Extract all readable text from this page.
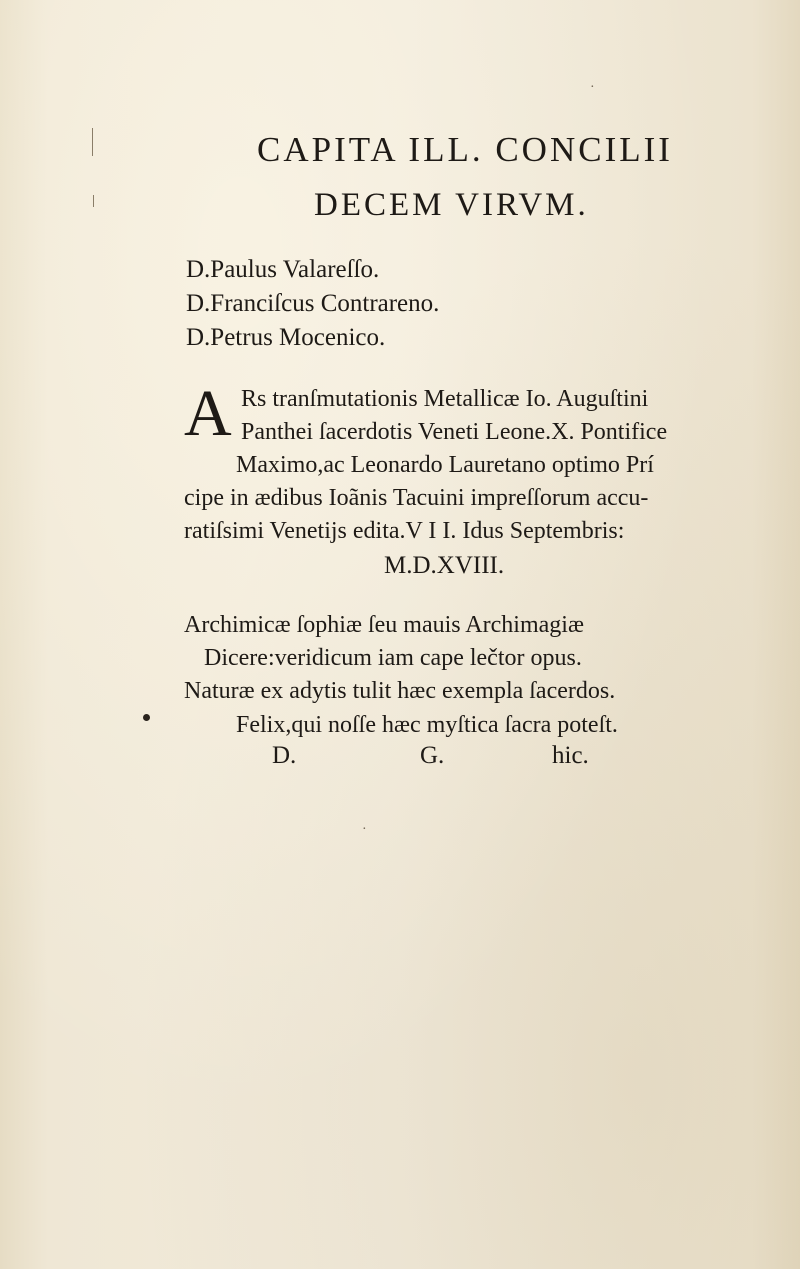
·
CAPITA ILL. CONCILII
DECEM VIRVM.

D.Paulus Valareſſo.

D.Franciſcus Contrareno.

D.Petrus Mocenico.

A Rs tranſmutationis Metallicæ Io. Auguſtini

Panthei ſacerdotis Veneti Leone.X. Pontifice

Maximo,ac Leonardo Lauretano optimo Prí

cipe in ædibus Ioãnis Tacuini impreſſorum accu-

ratiſsimi Venetijs edita.V I I. Idus Septembris:

M.D.XVIII.

Archimicæ ſophiæ ſeu mauis Archimagiæ

Dicere:veridicum iam cape lečtor opus.

Naturæ ex adytis tulit hæc exempla ſacerdos.

Felix,qui noſſe hæc myſtica ſacra poteſt.

D.	G.	hic.
·
